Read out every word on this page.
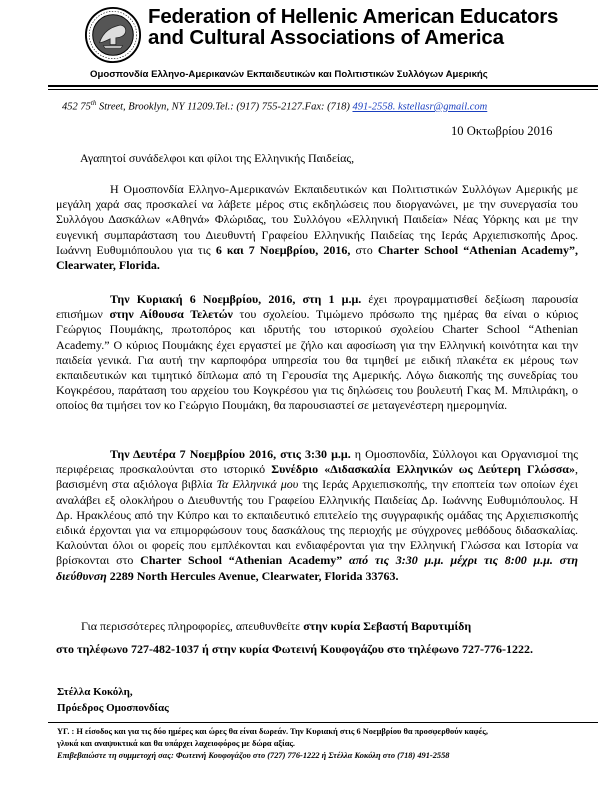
Federation of Hellenic American Educators
and Cultural Associations of America
Ομοσπονδία Ελληνο-Αμερικανών Εκπαιδευτικών και Πολιτιστικών Συλλόγων Αμερικής
452 75th Street, Brooklyn, NY 11209.Tel.: (917) 755-2127.Fax: (718) 491-2558. kstellasr@gmail.com
10 Οκτωβρίου 2016
Αγαπητοί συνάδελφοι και φίλοι της Ελληνικής Παιδείας,
Η Ομοσπονδία Ελληνο-Αμερικανών Εκπαιδευτικών και Πολιτιστικών Συλλόγων Αμερικής με μεγάλη χαρά σας προσκαλεί να λάβετε μέρος στις εκδηλώσεις που διοργανώνει, με την συνεργασία του Συλλόγου Δασκάλων «Αθηνά» Φλώριδας, του Συλλόγου «Ελληνική Παιδεία» Νέας Υόρκης και με την ευγενική συμπαράσταση του Διευθυντή Γραφείου Ελληνικής Παιδείας της Ιεράς Αρχιεπισκοπής Δρος. Ιωάννη Ευθυμιόπουλου για τις 6 και 7 Νοεμβρίου, 2016, στο Charter School “Athenian Academy”, Clearwater, Florida.
Την Κυριακή 6 Νοεμβρίου, 2016, στη 1 μ.μ. έχει προγραμματισθεί δεξίωση παρουσία επισήμων στην Αίθουσα Τελετών του σχολείου. Τιμώμενο πρόσωπο της ημέρας θα είναι ο κύριος Γεώργιος Πουμάκης, πρωτοπόρος και ιδρυτής του ιστορικού σχολείου Charter School “Athenian Academy.” Ο κύριος Πουμάκης έχει εργαστεί με ζήλο και αφοσίωση για την Ελληνική κοινότητα και την παιδεία γενικά. Για αυτή την καρποφόρα υπηρεσία του θα τιμηθεί με ειδική πλακέτα εκ μέρους των εκπαιδευτικών και τιμητικό δίπλωμα από τη Γερουσία της Αμερικής. Λόγω διακοπής της συνεδρίας του Κογκρέσου, παράταση του αρχείου του Κογκρέσου για τις δηλώσεις του βουλευτή Γκας Μ. Μπιλιράκη, ο οποίος θα τιμήσει τον κο Γεώργιο Πουμάκη, θα παρουσιαστεί σε μεταγενέστερη ημερομηνία.
Την Δευτέρα 7 Νοεμβρίου 2016, στις 3:30 μ.μ. η Ομοσπονδία, Σύλλογοι και Οργανισμοί της περιφέρειας προσκαλούνται στο ιστορικό Συνέδριο «Διδασκαλία Ελληνικών ως Δεύτερη Γλώσσα», βασισμένη στα αξιόλογα βιβλία Τα Ελληνικά μου της Ιεράς Αρχιεπισκοπής, την εποπτεία των οποίων έχει αναλάβει εξ ολοκλήρου ο Διευθυντής του Γραφείου Ελληνικής Παιδείας Δρ. Ιωάννης Ευθυμιόπουλος. Η Δρ. Ηρακλέους από την Κύπρο και το εκπαιδευτικό επιτελείο της συγγραφικής ομάδας της Αρχιεπισκοπής ειδικά έρχονται για να επιμορφώσουν τους δασκάλους της περιοχής με σύγχρονες μεθόδους διδασκαλίας. Καλούνται όλοι οι φορείς που εμπλέκονται και ενδιαφέρονται για την Ελληνική Γλώσσα και Ιστορία να βρίσκονται στο Charter School “Athenian Academy” από τις 3:30 μ.μ. μέχρι τις 8:00 μ.μ. στη διεύθυνση 2289 North Hercules Avenue, Clearwater, Florida 33763.
Για περισσότερες πληροφορίες, απευθυνθείτε στην κυρία Σεβαστή Βαρυτιμίδη
στο τηλέφωνο 727-482-1037 ή στην κυρία Φωτεινή Κουφογάζου στο τηλέφωνο 727-776-1222.
Στέλλα Κοκόλη,
Πρόεδρος Ομοσπονδίας
ΥΓ. : Η είσοδος και για τις δύο ημέρες και ώρες θα είναι δωρεάν. Την Κυριακή στις 6 Νοεμβρίου θα προσφερθούν καφές,
γλυκά και αναψυκτικά και θα υπάρχει λαχειοφόρος με δώρα αξίας.
Επιβεβαιώστε τη συμμετοχή σας: Φωτεινή Κουφογάζου στο (727) 776-1222 ή Στέλλα Κοκόλη στο (718) 491-2558
